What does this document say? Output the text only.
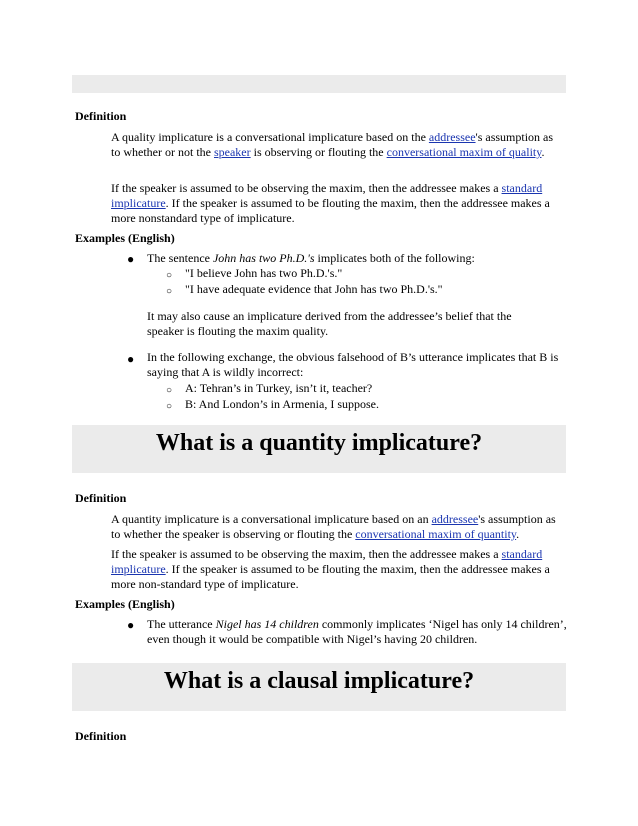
Definition

A quality implicature is a conversational implicature based on the addressee's assumption as to whether or not the speaker is observing or flouting the conversational maxim of quality.

If the speaker is assumed to be observing the maxim, then the addressee makes a standard implicature. If the speaker is assumed to be flouting the maxim, then the addressee makes a more nonstandard type of implicature.

Examples (English)
● The sentence John has two Ph.D.'s implicates both of the following:

○ "I believe John has two Ph.D.'s."
○ "I have adequate evidence that John has two Ph.D.'s."

It may also cause an implicature derived from the addressee’s belief that the speaker is flouting the maxim quality.

● In the following exchange, the obvious falsehood of B’s utterance implicates that B is saying that A is wildly incorrect:

○ A: Tehran’s in Turkey, isn’t it, teacher?
○ B: And London’s in Armenia, I suppose.
What is a quantity implicature?
Definition

A quantity implicature is a conversational implicature based on an addressee's assumption as to whether the speaker is observing or flouting the conversational maxim of quantity.

If the speaker is assumed to be observing the maxim, then the addressee makes a standard implicature. If the speaker is assumed to be flouting the maxim, then the addressee makes a more non-standard type of implicature.

Examples (English)
● The utterance Nigel has 14 children commonly implicates ‘Nigel has only 14 children’, even though it would be compatible with Nigel’s having 20 children.

What is a clausal implicature?
Definition
